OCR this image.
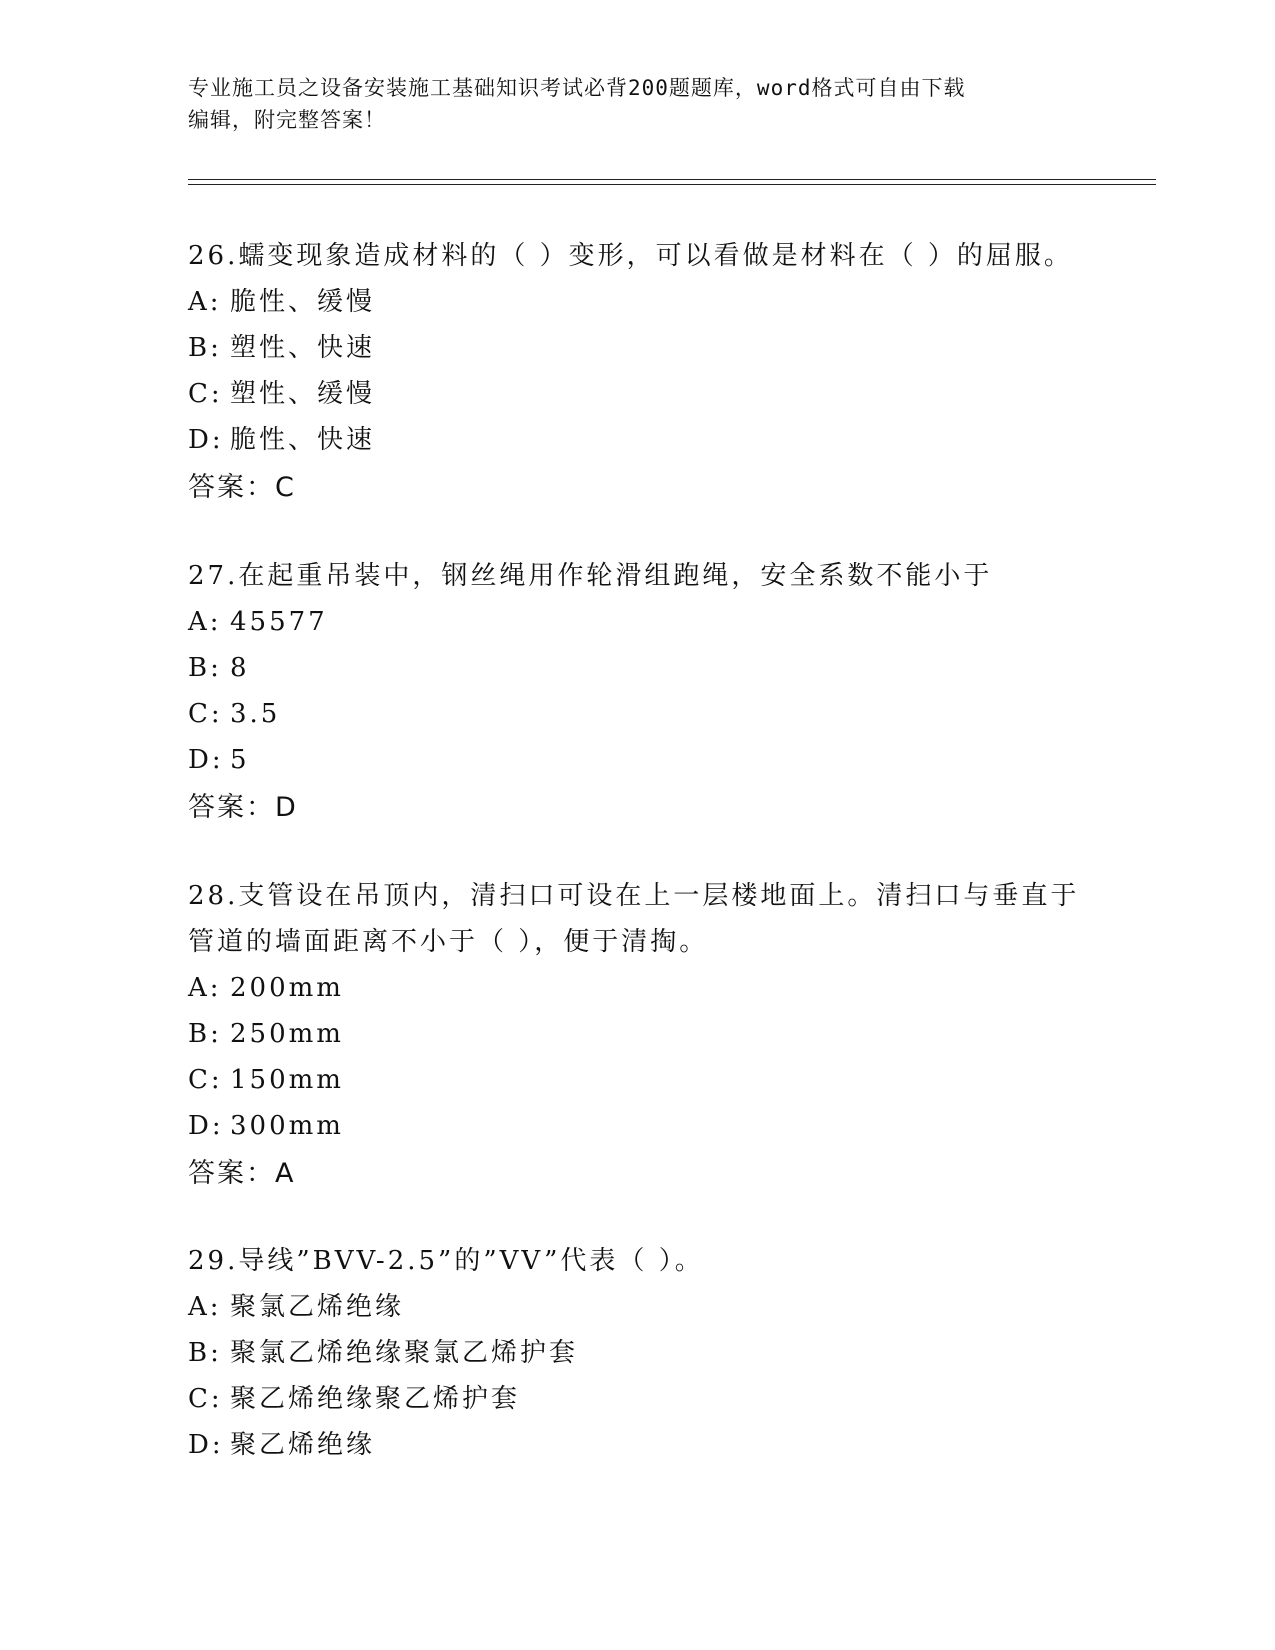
专业施工员之设备安装施工基础知识考试必背200题题库，word格式可自由下载
编辑，附完整答案！
26.蠕变现象造成材料的（ ）变形，可以看做是材料在（ ）的屈服。
A: 脆性、缓慢
B: 塑性、快速
C: 塑性、缓慢
D: 脆性、快速
答案：C
27.在起重吊装中，钢丝绳用作轮滑组跑绳，安全系数不能小于
A: 45577
B: 8
C: 3.5
D: 5
答案：D
28.支管设在吊顶内，清扫口可设在上一层楼地面上。清扫口与垂直于管道的墙面距离不小于（ ），便于清掏。
A: 200mm
B: 250mm
C: 150mm
D: 300mm
答案：A
29.导线”BVV-2.5”的”VV”代表（ ）。
A: 聚氯乙烯绝缘
B: 聚氯乙烯绝缘聚氯乙烯护套
C: 聚乙烯绝缘聚乙烯护套
D: 聚乙烯绝缘
